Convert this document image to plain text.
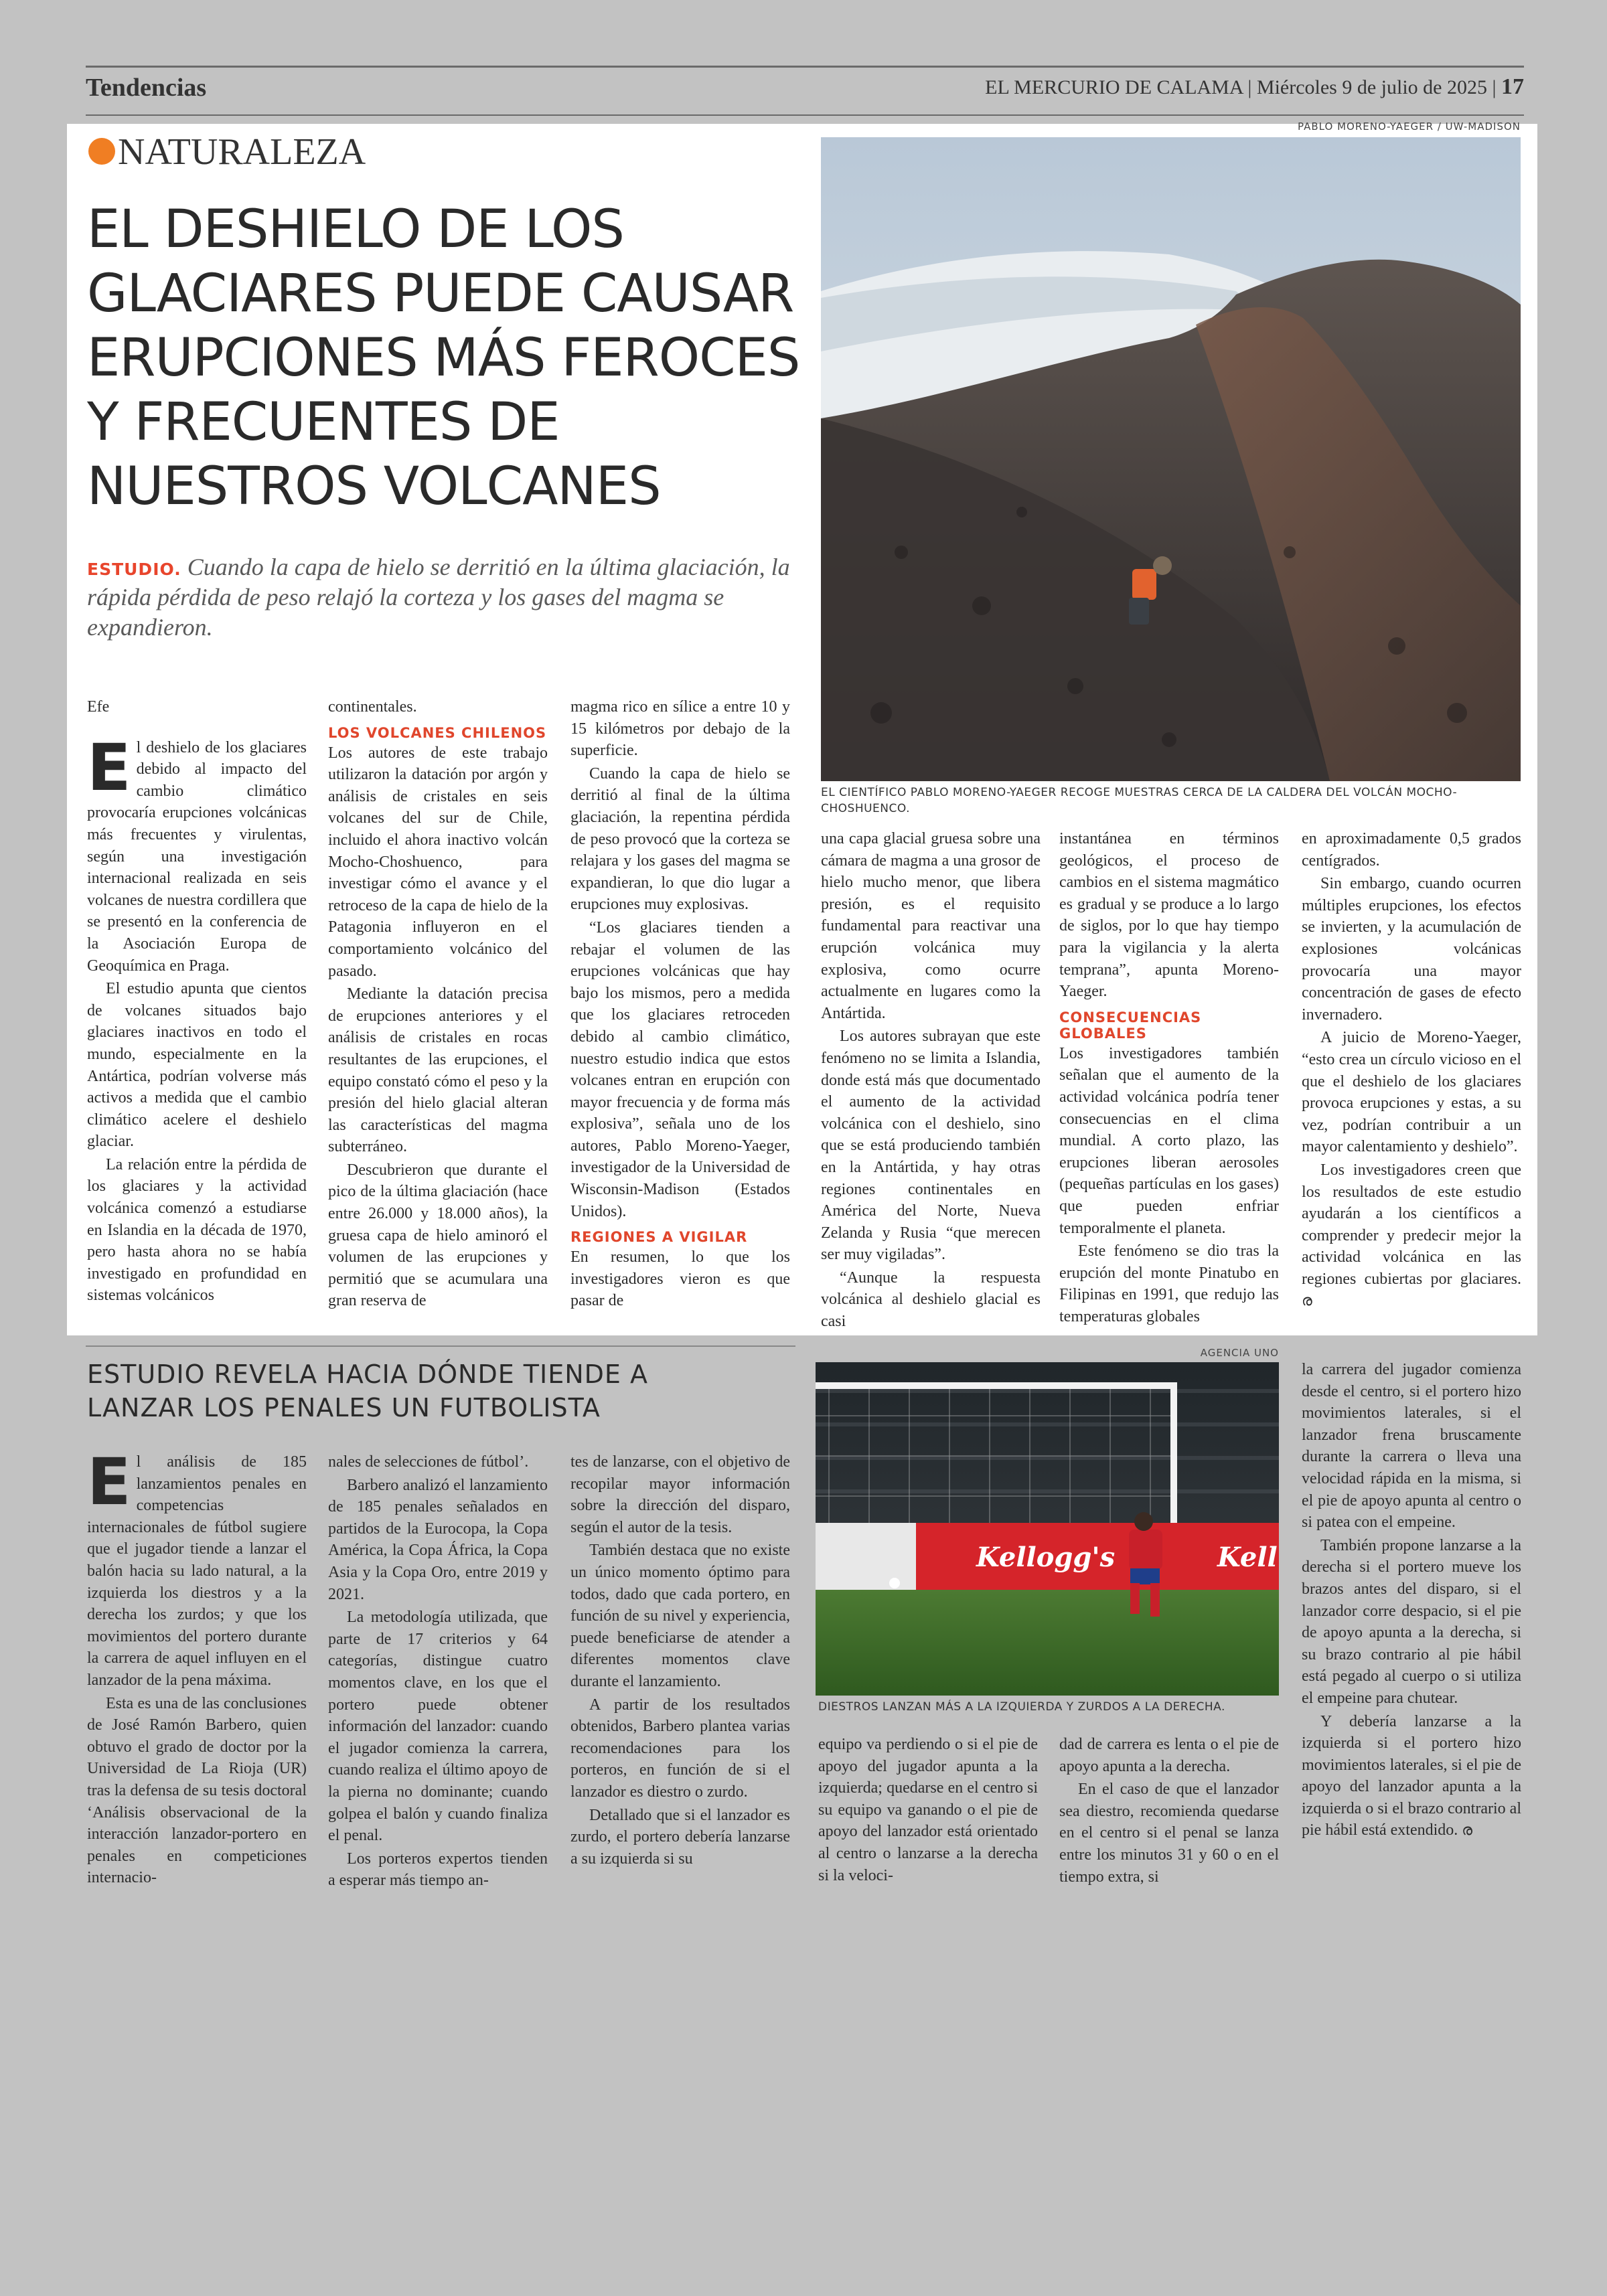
Tendencias	EL MERCURIO DE CALAMA | Miércoles 9 de julio de 2025 | 17
NATURALEZA
EL DESHIELO DE LOS GLACIARES PUEDE CAUSAR ERUPCIONES MÁS FEROCES Y FRECUENTES DE NUESTROS VOLCANES
ESTUDIO. Cuando la capa de hielo se derritió en la última glaciación, la rápida pérdida de peso relajó la corteza y los gases del magma se expandieron.
PABLO MORENO-YAEGER / UW-MADISON
EL CIENTÍFICO PABLO MORENO-YAEGER RECOGE MUESTRAS CERCA DE LA CALDERA DEL VOLCÁN MOCHO-CHOSHUENCO.

Efe

El deshielo de los glaciares debido al impacto del cambio climático provocaría erupciones volcánicas más frecuentes y virulentas, según una investigación internacional realizada en seis volcanes de nuestra cordillera que se presentó en la conferencia de la Asociación Europa de Geoquímica en Praga.

El estudio apunta que cientos de volcanes situados bajo glaciares inactivos en todo el mundo, especialmente en la Antártica, podrían volverse más activos a medida que el cambio climático acelere el deshielo glaciar.

La relación entre la pérdida de los glaciares y la actividad volcánica comenzó a estudiarse en Islandia en la década de 1970, pero hasta ahora no se había investigado en profundidad en sistemas volcánicos

continentales.

LOS VOLCANES CHILENOS

Los autores de este trabajo utilizaron la datación por argón y análisis de cristales en seis volcanes del sur de Chile, incluido el ahora inactivo volcán Mocho-Choshuenco, para investigar cómo el avance y el retroceso de la capa de hielo de la Patagonia influyeron en el comportamiento volcánico del pasado.

Mediante la datación precisa de erupciones anteriores y el análisis de cristales en rocas resultantes de las erupciones, el equipo constató cómo el peso y la presión del hielo glacial alteran las características del magma subterráneo.

Descubrieron que durante el pico de la última glaciación (hace entre 26.000 y 18.000 años), la gruesa capa de hielo aminoró el volumen de las erupciones y permitió que se acumulara una gran reserva de

magma rico en sílice a entre 10 y 15 kilómetros por debajo de la superficie.

Cuando la capa de hielo se derritió al final de la última glaciación, la repentina pérdida de peso provocó que la corteza se relajara y los gases del magma se expandieran, lo que dio lugar a erupciones muy explosivas.

“Los glaciares tienden a rebajar el volumen de las erupciones volcánicas que hay bajo los mismos, pero a medida que los glaciares retroceden debido al cambio climático, nuestro estudio indica que estos volcanes entran en erupción con mayor frecuencia y de forma más explosiva”, señala uno de los autores, Pablo Moreno-Yaeger, investigador de la Universidad de Wisconsin-Madison (Estados Unidos).

REGIONES A VIGILAR

En resumen, lo que los investigadores vieron es que pasar de

una capa glacial gruesa sobre una cámara de magma a una grosor de hielo mucho menor, que libera presión, es el requisito fundamental para reactivar una erupción volcánica muy explosiva, como ocurre actualmente en lugares como la Antártida.

Los autores subrayan que este fenómeno no se limita a Islandia, donde está más que documentado el aumento de la actividad volcánica con el deshielo, sino que se está produciendo también en la Antártida, y hay otras regiones continentales en América del Norte, Nueva Zelanda y Rusia “que merecen ser muy vigiladas”.

“Aunque la respuesta volcánica al deshielo glacial es casi

instantánea en términos geológicos, el proceso de cambios en el sistema magmático es gradual y se produce a lo largo de siglos, por lo que hay tiempo para la vigilancia y la alerta temprana”, apunta Moreno-Yaeger.

CONSECUENCIAS GLOBALES

Los investigadores también señalan que el aumento de la actividad volcánica podría tener consecuencias en el clima mundial. A corto plazo, las erupciones liberan aerosoles (pequeñas partículas en los gases) que pueden enfriar temporalmente el planeta.

Este fenómeno se dio tras la erupción del monte Pinatubo en Filipinas en 1991, que redujo las temperaturas globales

en aproximadamente 0,5 grados centígrados.

Sin embargo, cuando ocurren múltiples erupciones, los efectos se invierten, y la acumulación de explosiones volcánicas provocaría una mayor concentración de gases de efecto invernadero.

A juicio de Moreno-Yaeger, “esto crea un círculo vicioso en el que el deshielo de los glaciares provoca erupciones y estas, a su vez, podrían contribuir a un mayor calentamiento y deshielo”.

Los investigadores creen que los resultados de este estudio ayudarán a los científicos a comprender y predecir mejor la actividad volcánica en las regiones cubiertas por glaciares. ര

ESTUDIO REVELA HACIA DÓNDE TIENDE A LANZAR LOS PENALES UN FUTBOLISTA
AGENCIA UNO
Kellogg's	Kell
DIESTROS LANZAN MÁS A LA IZQUIERDA Y ZURDOS A LA DERECHA.

El análisis de 185 lanzamientos penales en competencias internacionales de fútbol sugiere que el jugador tiende a lanzar el balón hacia su lado natural, a la izquierda los diestros y a la derecha los zurdos; y que los movimientos del portero durante la carrera de aquel influyen en el lanzador de la pena máxima.

Esta es una de las conclusiones de José Ramón Barbero, quien obtuvo el grado de doctor por la Universidad de La Rioja (UR) tras la defensa de su tesis doctoral ‘Análisis observacional de la interacción lanzador-portero en penales en competiciones internacio-

nales de selecciones de fútbol’.

Barbero analizó el lanzamiento de 185 penales señalados en partidos de la Eurocopa, la Copa América, la Copa África, la Copa Asia y la Copa Oro, entre 2019 y 2021.

La metodología utilizada, que parte de 17 criterios y 64 categorías, distingue cuatro momentos clave, en los que el portero puede obtener información del lanzador: cuando el jugador comienza la carrera, cuando realiza el último apoyo de la pierna no dominante; cuando golpea el balón y cuando finaliza el penal.

Los porteros expertos tienden a esperar más tiempo an-

tes de lanzarse, con el objetivo de recopilar mayor información sobre la dirección del disparo, según el autor de la tesis.

También destaca que no existe un único momento óptimo para todos, dado que cada portero, en función de su nivel y experiencia, puede beneficiarse de atender a diferentes momentos clave durante el lanzamiento.

A partir de los resultados obtenidos, Barbero plantea varias recomendaciones para los porteros, en función de si el lanzador es diestro o zurdo.

Detallado que si el lanzador es zurdo, el portero debería lanzarse a su izquierda si su

equipo va perdiendo o si el pie de apoyo del jugador apunta a la izquierda; quedarse en el centro si su equipo va ganando o el pie de apoyo del lanzador está orientado al centro o lanzarse a la derecha si la veloci-

dad de carrera es lenta o el pie de apoyo apunta a la derecha.

En el caso de que el lanzador sea diestro, recomienda quedarse en el centro si el penal se lanza entre los minutos 31 y 60 o en el tiempo extra, si

la carrera del jugador comienza desde el centro, si el portero hizo movimientos laterales, si el lanzador frena bruscamente durante la carrera o lleva una velocidad rápida en la misma, si el pie de apoyo apunta al centro o si patea con el empeine.

También propone lanzarse a la derecha si el portero mueve los brazos antes del disparo, si el lanzador corre despacio, si el pie de apoyo apunta a la derecha, si su brazo contrario al pie hábil está pegado al cuerpo o si utiliza el empeine para chutear.

Y debería lanzarse a la izquierda si el portero hizo movimientos laterales, si el pie de apoyo del lanzador apunta a la izquierda o si el brazo contrario al pie hábil está extendido. ര
